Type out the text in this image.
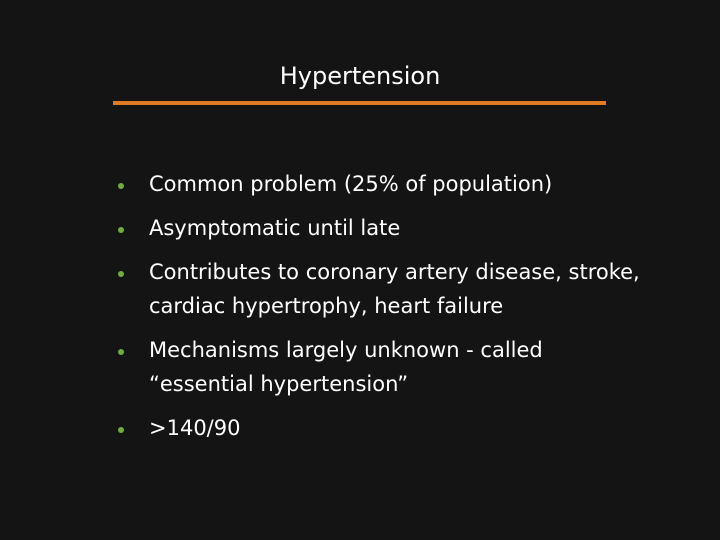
Hypertension
Common problem (25% of population)
Asymptomatic until late
Contributes to coronary artery disease, stroke, cardiac hypertrophy, heart failure
Mechanisms largely unknown - called “essential hypertension”
>140/90
